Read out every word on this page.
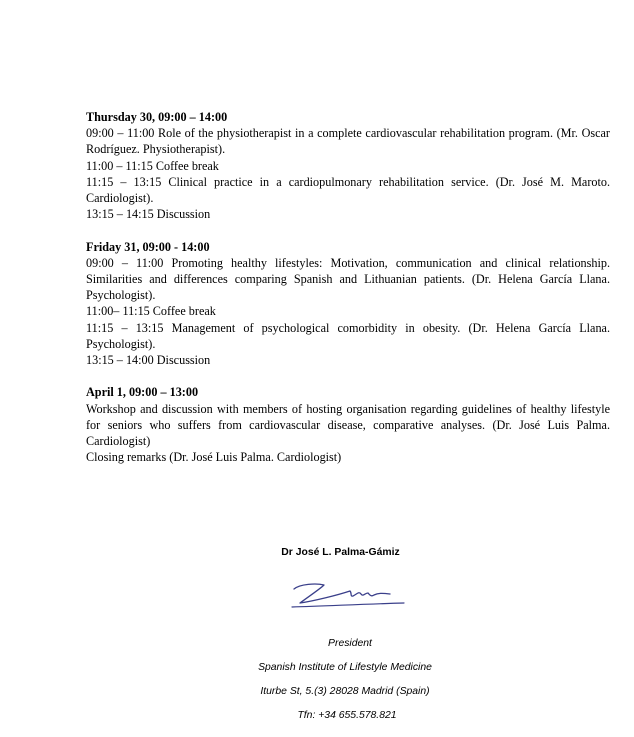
Thursday 30, 09:00 – 14:00
09:00 – 11:00 Role of the physiotherapist in a complete cardiovascular rehabilitation program. (Mr. Oscar Rodríguez. Physiotherapist).
11:00 – 11:15 Coffee break
11:15 – 13:15 Clinical practice in a cardiopulmonary rehabilitation service. (Dr. José M. Maroto. Cardiologist).
13:15 – 14:15 Discussion
Friday 31, 09:00 - 14:00
09:00 – 11:00 Promoting healthy lifestyles: Motivation, communication and clinical relationship. Similarities and differences comparing Spanish and Lithuanian patients. (Dr. Helena García Llana. Psychologist).
11:00– 11:15 Coffee break
11:15 – 13:15 Management of psychological comorbidity in obesity. (Dr. Helena García Llana. Psychologist).
13:15 – 14:00 Discussion
April 1, 09:00 – 13:00
Workshop and discussion with members of hosting organisation regarding guidelines of healthy lifestyle for seniors who suffers from cardiovascular disease, comparative analyses. (Dr. José Luis Palma. Cardiologist)
Closing remarks (Dr. José Luis Palma. Cardiologist)
Dr José L. Palma-Gámiz
President
Spanish Institute of Lifestyle Medicine
Iturbe St, 5.(3) 28028 Madrid (Spain)
Tfn: +34 655.578.821
